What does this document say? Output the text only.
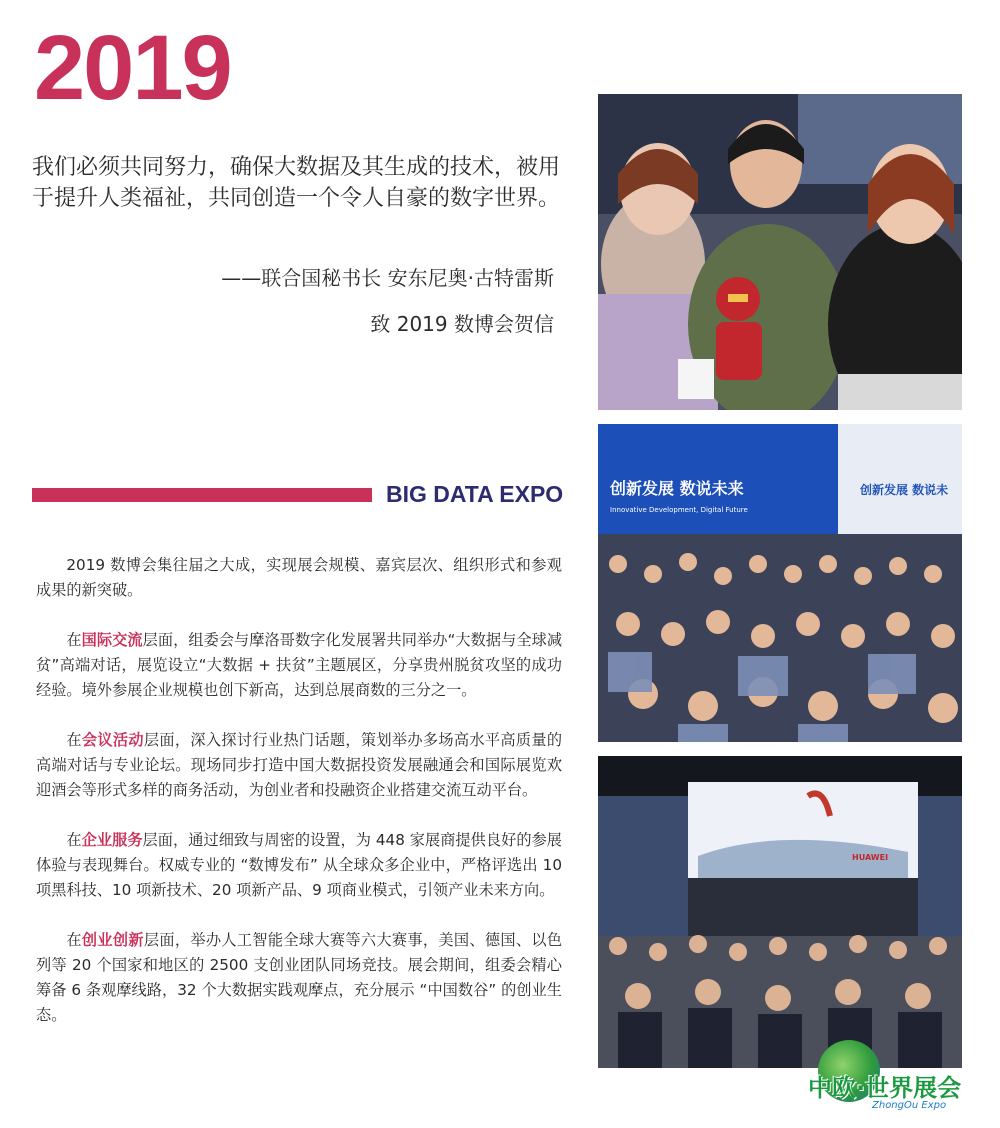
2019

我们必须共同努力，确保大数据及其生成的技术，被用于提升人类福祉，共同创造一个令人自豪的数字世界。

——联合国秘书长 安东尼奥·古特雷斯
致 2019 数博会贺信
BIG DATA EXPO

2019 数博会集往届之大成，实现展会规模、嘉宾层次、组织形式和参观成果的新突破。

在国际交流层面，组委会与摩洛哥数字化发展署共同举办“大数据与全球减贫”高端对话，展览设立“大数据 + 扶贫”主题展区，分享贵州脱贫攻坚的成功经验。境外参展企业规模也创下新高，达到总展商数的三分之一。

在会议活动层面，深入探讨行业热门话题，策划举办多场高水平高质量的高端对话与专业论坛。现场同步打造中国大数据投资发展融通会和国际展览欢迎酒会等形式多样的商务活动，为创业者和投融资企业搭建交流互动平台。

在企业服务层面，通过细致与周密的设置，为 448 家展商提供良好的参展体验与表现舞台。权威专业的 “数博发布” 从全球众多企业中，严格评选出 10 项黑科技、10 项新技术、20 项新产品、9 项商业模式，引领产业未来方向。

在创业创新层面，举办人工智能全球大赛等六大赛事，美国、德国、以色列等 20 个国家和地区的 2500 支创业团队同场竞技。展会期间，组委会精心筹备 6 条观摩线路，32 个大数据实践观摩点，充分展示 “中国数谷” 的创业生态。

创新发展 数说未来
Innovative Development, Digital Future
创新发展 数说未
HUAWEI
中欧·世界展会
ZhongOu Expo
